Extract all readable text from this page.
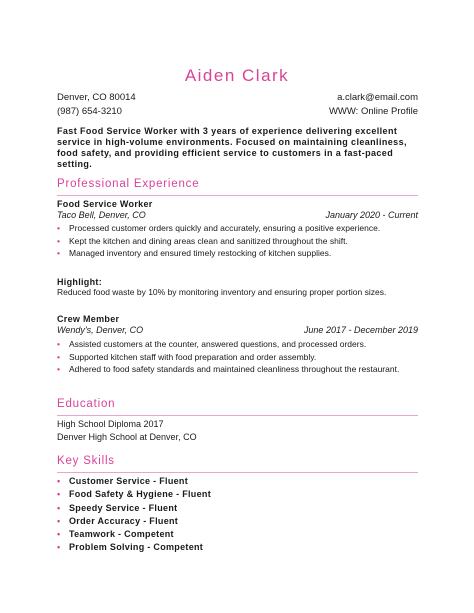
Aiden Clark
Denver, CO 80014	a.clark@email.com
(987) 654-3210	WWW: Online Profile
Fast Food Service Worker with 3 years of experience delivering excellent service in high-volume environments. Focused on maintaining cleanliness, food safety, and providing efficient service to customers in a fast-paced setting.
Professional Experience
Food Service Worker
Taco Bell, Denver, CO	January 2020 - Current
• Processed customer orders quickly and accurately, ensuring a positive experience.
• Kept the kitchen and dining areas clean and sanitized throughout the shift.
• Managed inventory and ensured timely restocking of kitchen supplies.
Highlight:
Reduced food waste by 10% by monitoring inventory and ensuring proper portion sizes.
Crew Member
Wendy's, Denver, CO	June 2017 - December 2019
• Assisted customers at the counter, answered questions, and processed orders.
• Supported kitchen staff with food preparation and order assembly.
• Adhered to food safety standards and maintained cleanliness throughout the restaurant.
Education
High School Diploma 2017
Denver High School at Denver, CO
Key Skills
• Customer Service - Fluent
• Food Safety & Hygiene - Fluent
• Speedy Service - Fluent
• Order Accuracy - Fluent
• Teamwork - Competent
• Problem Solving - Competent
